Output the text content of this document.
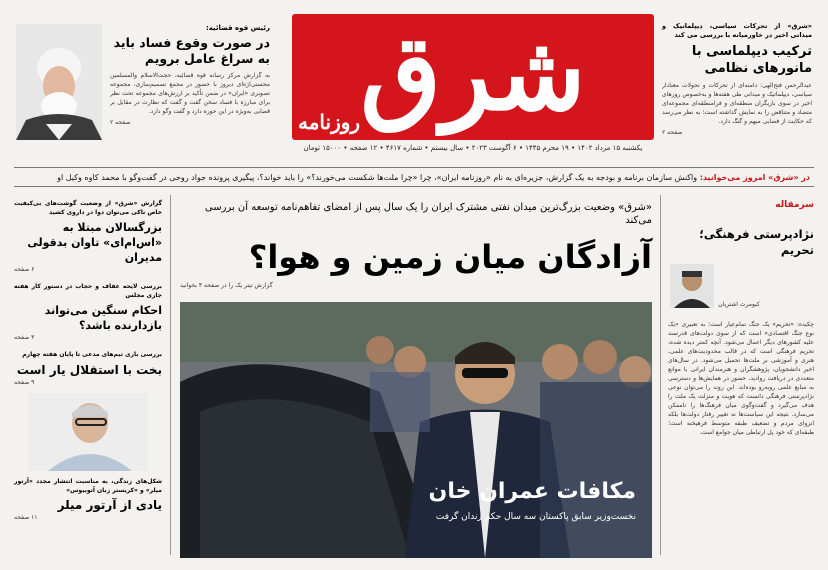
شرق
روزنامه
یکشنبه ۱۵ مرداد ۱۴۰۲ • ۱۹ محرم ۱۴۴۵ • ۶ آگوست ۲۰۲۳ • سال بیستم • شماره ۴۶۱۷ • ۱۲ صفحه • ۱۵۰۰۰ تومان
«شرق» از تحرکات سیاسی، دیپلماتیک و میدانی اخیر در خاورمیانه با بررسی می کند
ترکیب دیپلماسی با مانورهای نظامی
عبدالرحمن فتح‌الهی: دامنه‌ای از تحرکات و تحولات معنادار سیاسی، دیپلماتیک و میدانی طی هفته‌ها و به‌خصوص روزهای اخیر در سوی بازیگران منطقه‌ای و فرامنطقه‌ای مجموعه‌ای متضاد و متناقض را به نمایش گذاشته است؛ به نظر می‌رسد که حکایت از فضایی مبهم و گنگ دارد.
صفحه ۲
رئیس قوه قضائیه:
در صورت وقوع فساد باید به سراغ عامل برویم
به گزارش مرکز رسانه قوه قضائیه، حجت‌الاسلام والمسلمین محسنی‌اژه‌ای دیروز با حضور در مجمع تصمیم‌سازی، مجموعه تصویری «ایران» در ضمن تأکید بر ارزش‌های مجموعه تحت نظر برای مبارزه با فساد سخن گفت و گفت که نظارت در مقابل بر قضایی به‌ویژه در این حوزه دارد و گفت وگو دارد.
صفحه ۲
در «شرق» امروز می‌خوانید: واکنش سازمان برنامه و بودجه به یک گزارش، جزیره‌ای به نام «روزنامه ایران»، چرا «چرا ملت‌ها شکست می‌خورند؟» را باید خواند؟، پیگیری پرونده جواد روحی در گفت‌وگو با محمد کاوه وکیل او
«شرق» وضعیت بزرگ‌ترین میدان نفتی مشترک ایران را یک سال پس از امضای تفاهم‌نامه توسعه آن بررسی می‌کند
آزادگان میان زمین و هوا؟
گزارش تیتر یک را در صفحه ۴ بخوانید
مکافات عمران خان
نخست‌وزیر سابق پاکستان سه سال حکم زندان گرفت
سرمقاله
نژادپرستی فرهنگی؛ تحریم
کیومرث اشتریان
چکیده: «تحریم» یک جنگ تمام‌عیار است؛ به تعبیری «یک نوع جنگ اقتصادی» است که از سوی دولت‌های قدرتمند علیه کشورهای دیگر اعمال می‌شود. آنچه کمتر دیده شده، تحریم فرهنگی است که در قالب محدودیت‌های علمی، هنری و آموزشی بر ملت‌ها تحمیل می‌شود. در سال‌های اخیر دانشجویان، پژوهشگران و هنرمندان ایرانی با موانع متعددی در دریافت روادید، حضور در همایش‌ها و دسترسی به منابع علمی روبه‌رو بوده‌اند. این روند را می‌توان نوعی نژادپرستی فرهنگی دانست که هویت و منزلت یک ملت را هدف می‌گیرد و گفت‌وگوی میان فرهنگ‌ها را ناممکن می‌سازد. نتیجه این سیاست‌ها نه تغییر رفتار دولت‌ها بلکه انزوای مردم و تضعیف طبقه متوسط فرهیخته است؛ طبقه‌ای که خود پل ارتباطی میان جوامع است.
گزارش «شرق» از وضعیت گوشت‌های بی‌کیفیت خاص تاکی می‌توان دوا در داروی کشید
بزرگسالان مبتلا به «اس‌ام‌ای» تاوان بدقولی مدیران
۶ صفحه
بررسی لایحه عفاف و حجاب در دستور کار هفته جاری مجلس
احکام سنگین می‌تواند بازدارنده باشد؟
۳ صفحه
بررسی بازی تیم‌های مدعی تا پایان هفته چهارم
بخت با استقلال یار است
۹ صفحه
شکل‌های زندگی، به مناسبت انتشار مجدد «آرتور میلر» و «کریستر زبان آتوبیوس»
یادی از آرتور میلر
۱۱ صفحه
